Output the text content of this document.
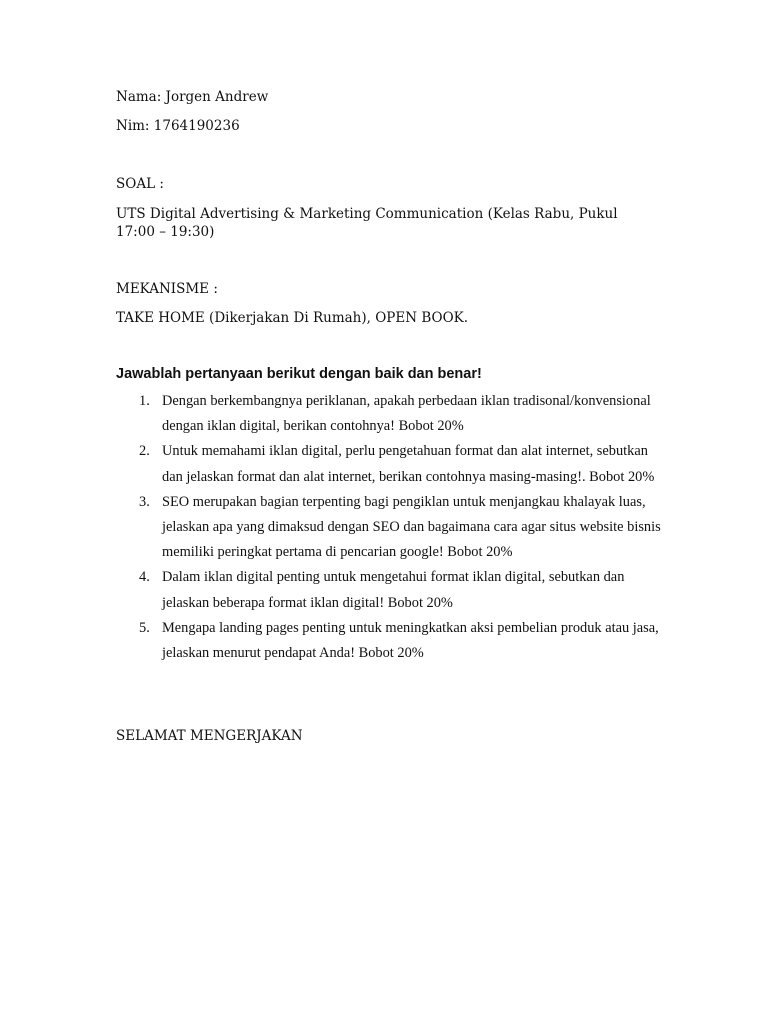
Nama: Jorgen Andrew
Nim: 1764190236
SOAL :
UTS Digital Advertising & Marketing Communication (Kelas Rabu, Pukul 17:00 – 19:30)
MEKANISME :
TAKE HOME (Dikerjakan Di Rumah), OPEN BOOK.
Jawablah pertanyaan berikut dengan baik dan benar!
1. Dengan berkembangnya periklanan, apakah perbedaan iklan tradisonal/konvensional dengan iklan digital, berikan contohnya! Bobot 20%
2. Untuk memahami iklan digital, perlu pengetahuan format dan alat internet, sebutkan dan jelaskan format dan alat internet, berikan contohnya masing-masing!. Bobot 20%
3. SEO merupakan bagian terpenting bagi pengiklan untuk menjangkau khalayak luas, jelaskan apa yang dimaksud dengan SEO dan bagaimana cara agar situs website bisnis memiliki peringkat pertama di pencarian google! Bobot 20%
4. Dalam iklan digital penting untuk mengetahui format iklan digital, sebutkan dan jelaskan beberapa format iklan digital! Bobot 20%
5. Mengapa landing pages penting untuk meningkatkan aksi pembelian produk atau jasa, jelaskan menurut pendapat Anda! Bobot 20%
SELAMAT MENGERJAKAN
